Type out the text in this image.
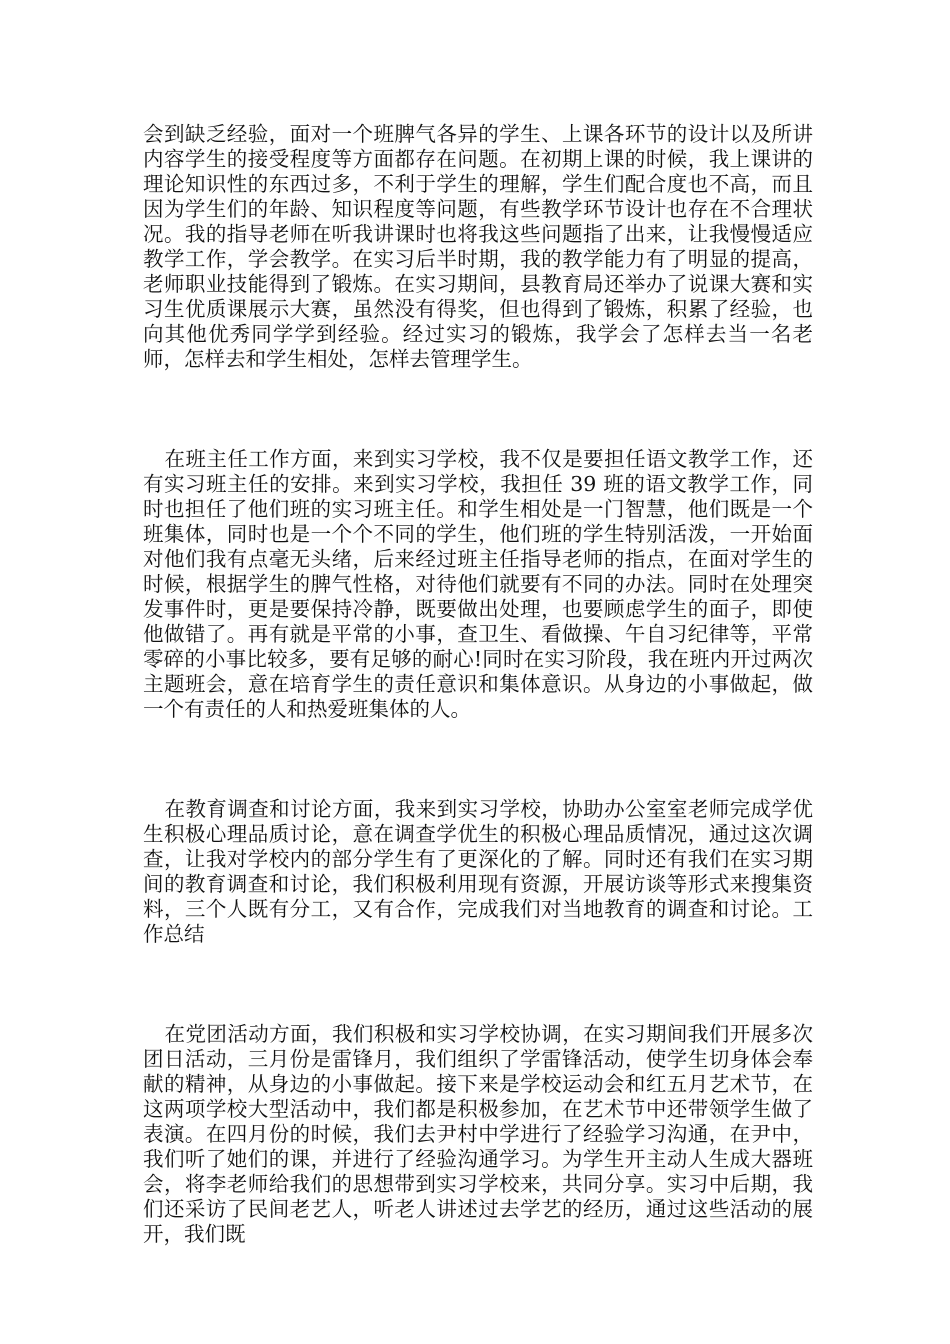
会到缺乏经验，面对一个班脾气各异的学生、上课各环节的设计以及所讲内容学生的接受程度等方面都存在问题。在初期上课的时候，我上课讲的理论知识性的东西过多，不利于学生的理解，学生们配合度也不高，而且因为学生们的年龄、知识程度等问题，有些教学环节设计也存在不合理状况。我的指导老师在听我讲课时也将我这些问题指了出来，让我慢慢适应教学工作，学会教学。在实习后半时期，我的教学能力有了明显的提高，老师职业技能得到了锻炼。在实习期间，县教育局还举办了说课大赛和实习生优质课展示大赛，虽然没有得奖，但也得到了锻炼，积累了经验，也向其他优秀同学学到经验。经过实习的锻炼，我学会了怎样去当一名老师，怎样去和学生相处，怎样去管理学生。

在班主任工作方面，来到实习学校，我不仅是要担任语文教学工作，还有实习班主任的安排。来到实习学校，我担任 39 班的语文教学工作，同时也担任了他们班的实习班主任。和学生相处是一门智慧，他们既是一个班集体，同时也是一个个不同的学生，他们班的学生特别活泼，一开始面对他们我有点毫无头绪，后来经过班主任指导老师的指点，在面对学生的时候，根据学生的脾气性格，对待他们就要有不同的办法。同时在处理突发事件时，更是要保持冷静，既要做出处理，也要顾虑学生的面子，即使他做错了。再有就是平常的小事，查卫生、看做操、午自习纪律等，平常零碎的小事比较多，要有足够的耐心!同时在实习阶段，我在班内开过两次主题班会，意在培育学生的责任意识和集体意识。从身边的小事做起，做一个有责任的人和热爱班集体的人。

在教育调查和讨论方面，我来到实习学校，协助办公室室老师完成学优生积极心理品质讨论，意在调查学优生的积极心理品质情况，通过这次调查，让我对学校内的部分学生有了更深化的了解。同时还有我们在实习期间的教育调查和讨论，我们积极利用现有资源，开展访谈等形式来搜集资料，三个人既有分工，又有合作，完成我们对当地教育的调查和讨论。工作总结

在党团活动方面，我们积极和实习学校协调，在实习期间我们开展多次团日活动，三月份是雷锋月，我们组织了学雷锋活动，使学生切身体会奉献的精神，从身边的小事做起。接下来是学校运动会和红五月艺术节，在这两项学校大型活动中，我们都是积极参加，在艺术节中还带领学生做了表演。在四月份的时候，我们去尹村中学进行了经验学习沟通，在尹中，我们听了她们的课，并进行了经验沟通学习。为学生开主动人生成大器班会，将李老师给我们的思想带到实习学校来，共同分享。实习中后期，我们还采访了民间老艺人，听老人讲述过去学艺的经历，通过这些活动的展开，我们既
